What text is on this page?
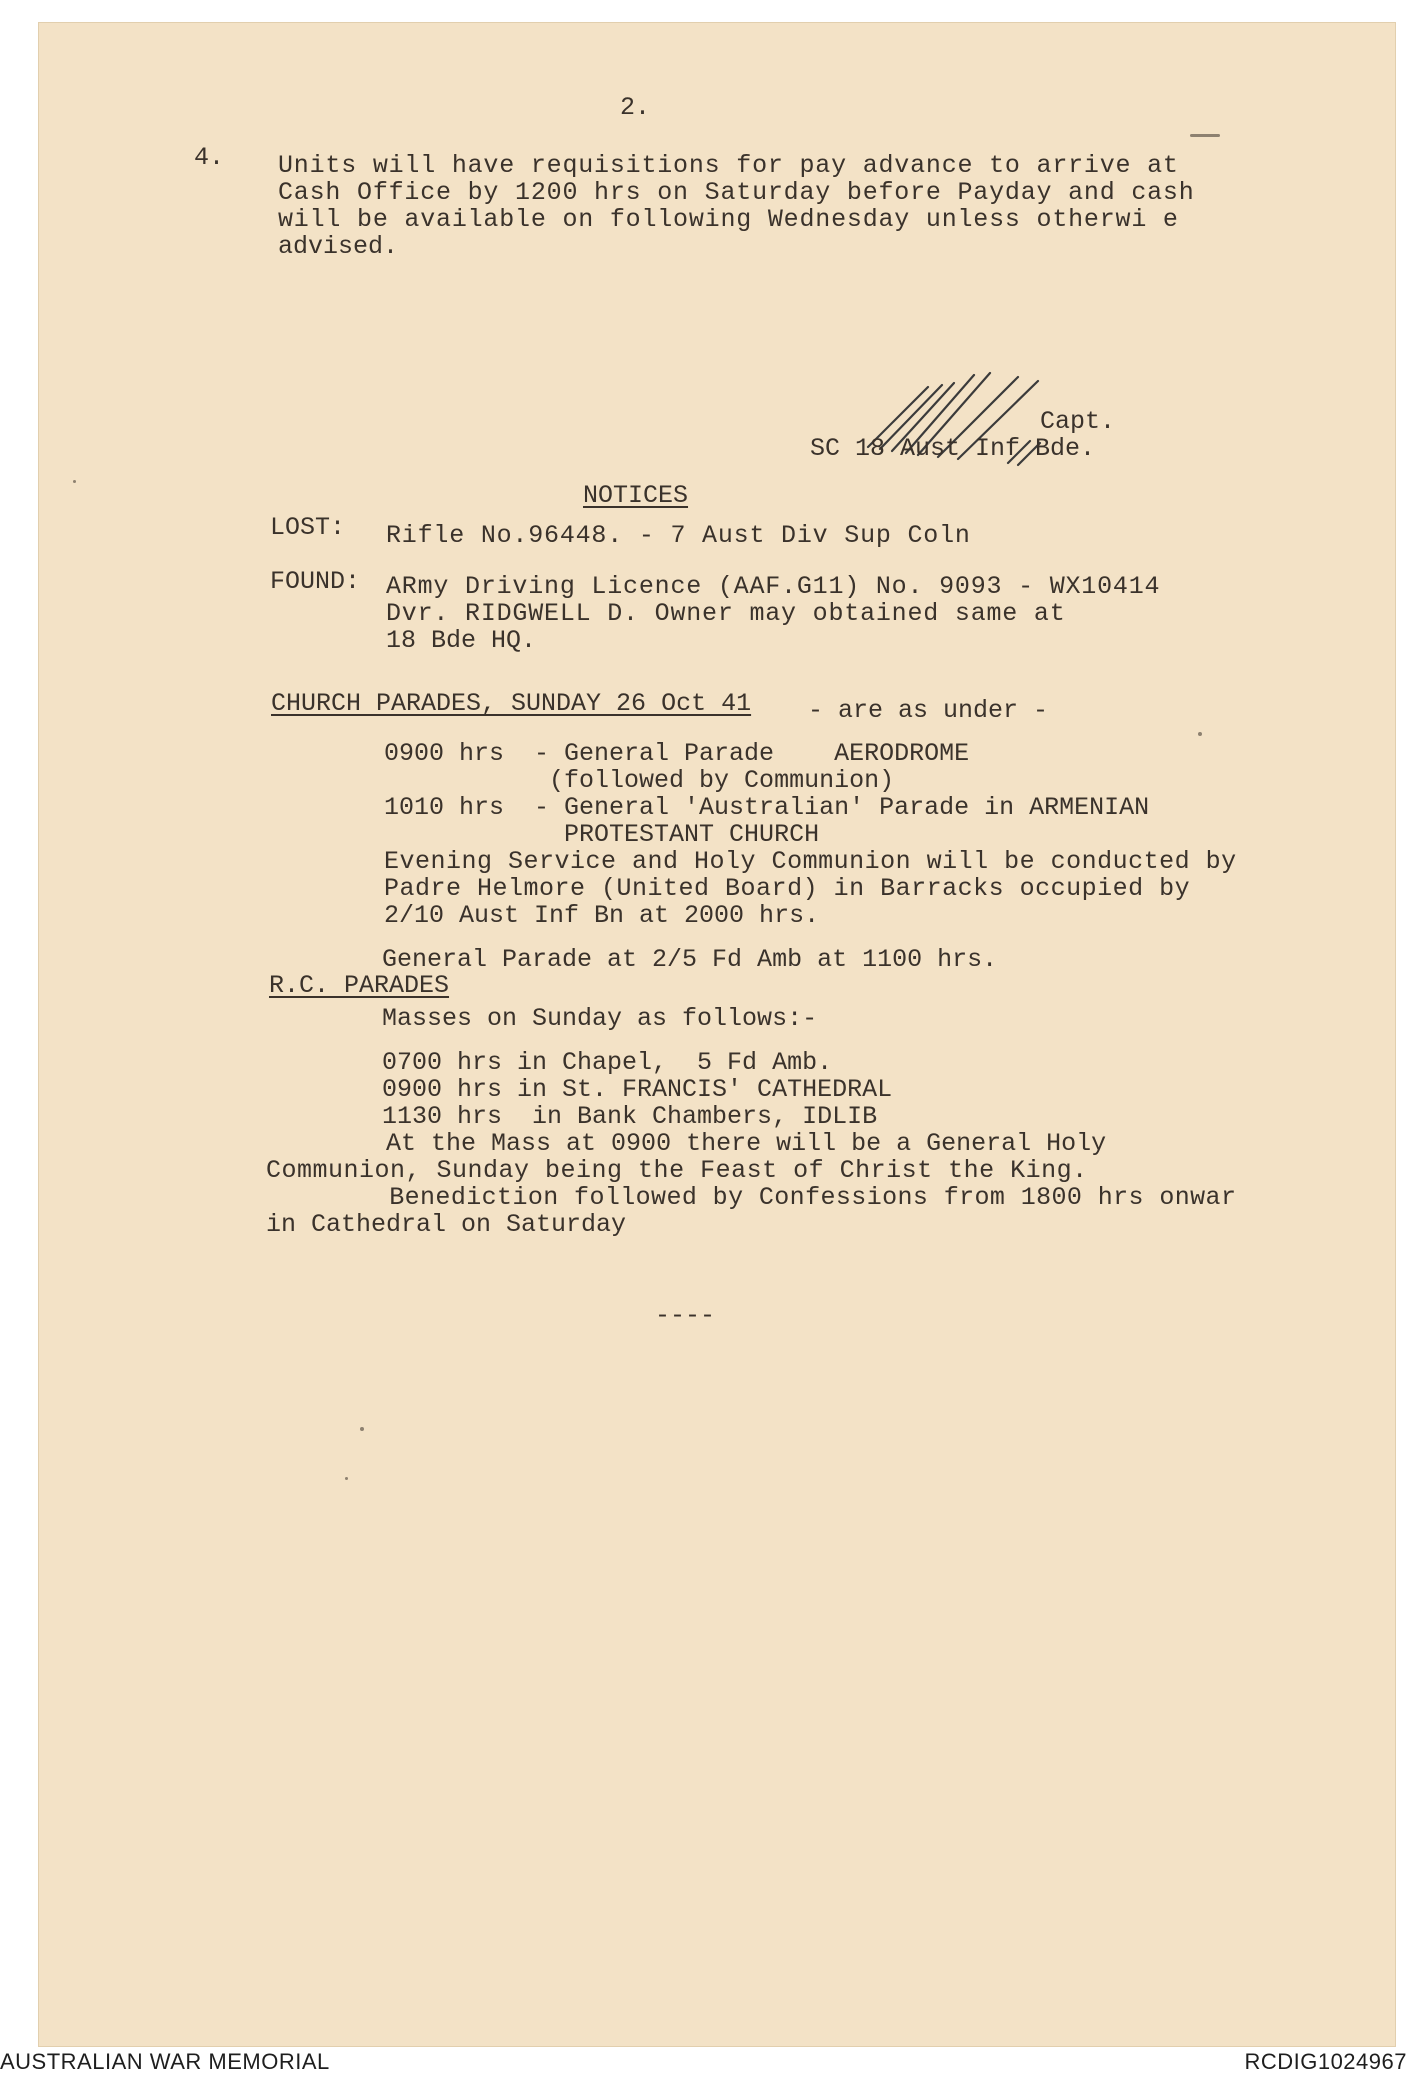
2.
4. Units will have requisitions for pay advance to arrive at
Cash Office by 1200 hrs on Saturday before Payday and cash
will be available on following Wednesday unless otherwi e
advised.
Capt.
SC 18 Aust Inf Bde.
NOTICES
LOST: Rifle No.96448. - 7 Aust Div Sup Coln
FOUND: ARmy Driving Licence (AAF.G11) No. 9093 - WX10414
Dvr. RIDGWELL D. Owner may obtained same at
18 Bde HQ.
CHURCH PARADES, SUNDAY 26 Oct 41 - are as under -
0900 hrs  - General Parade    AERODROME
(followed by Communion)
1010 hrs  - General 'Australian' Parade in ARMENIAN
PROTESTANT CHURCH
Evening Service and Holy Communion will be conducted by
Padre Helmore (United Board) in Barracks occupied by
2/10 Aust Inf Bn at 2000 hrs.
General Parade at 2/5 Fd Amb at 1100 hrs.
R.C. PARADES
Masses on Sunday as follows:-
0700 hrs in Chapel,  5 Fd Amb.
0900 hrs in St. FRANCIS' CATHEDRAL
1130 hrs  in Bank Chambers, IDLIB
At the Mass at 0900 there will be a General Holy
Communion, Sunday being the Feast of Christ the King.
Benediction followed by Confessions from 1800 hrs onwar
in Cathedral on Saturday
----
AUSTRALIAN WAR MEMORIAL	RCDIG1024967
